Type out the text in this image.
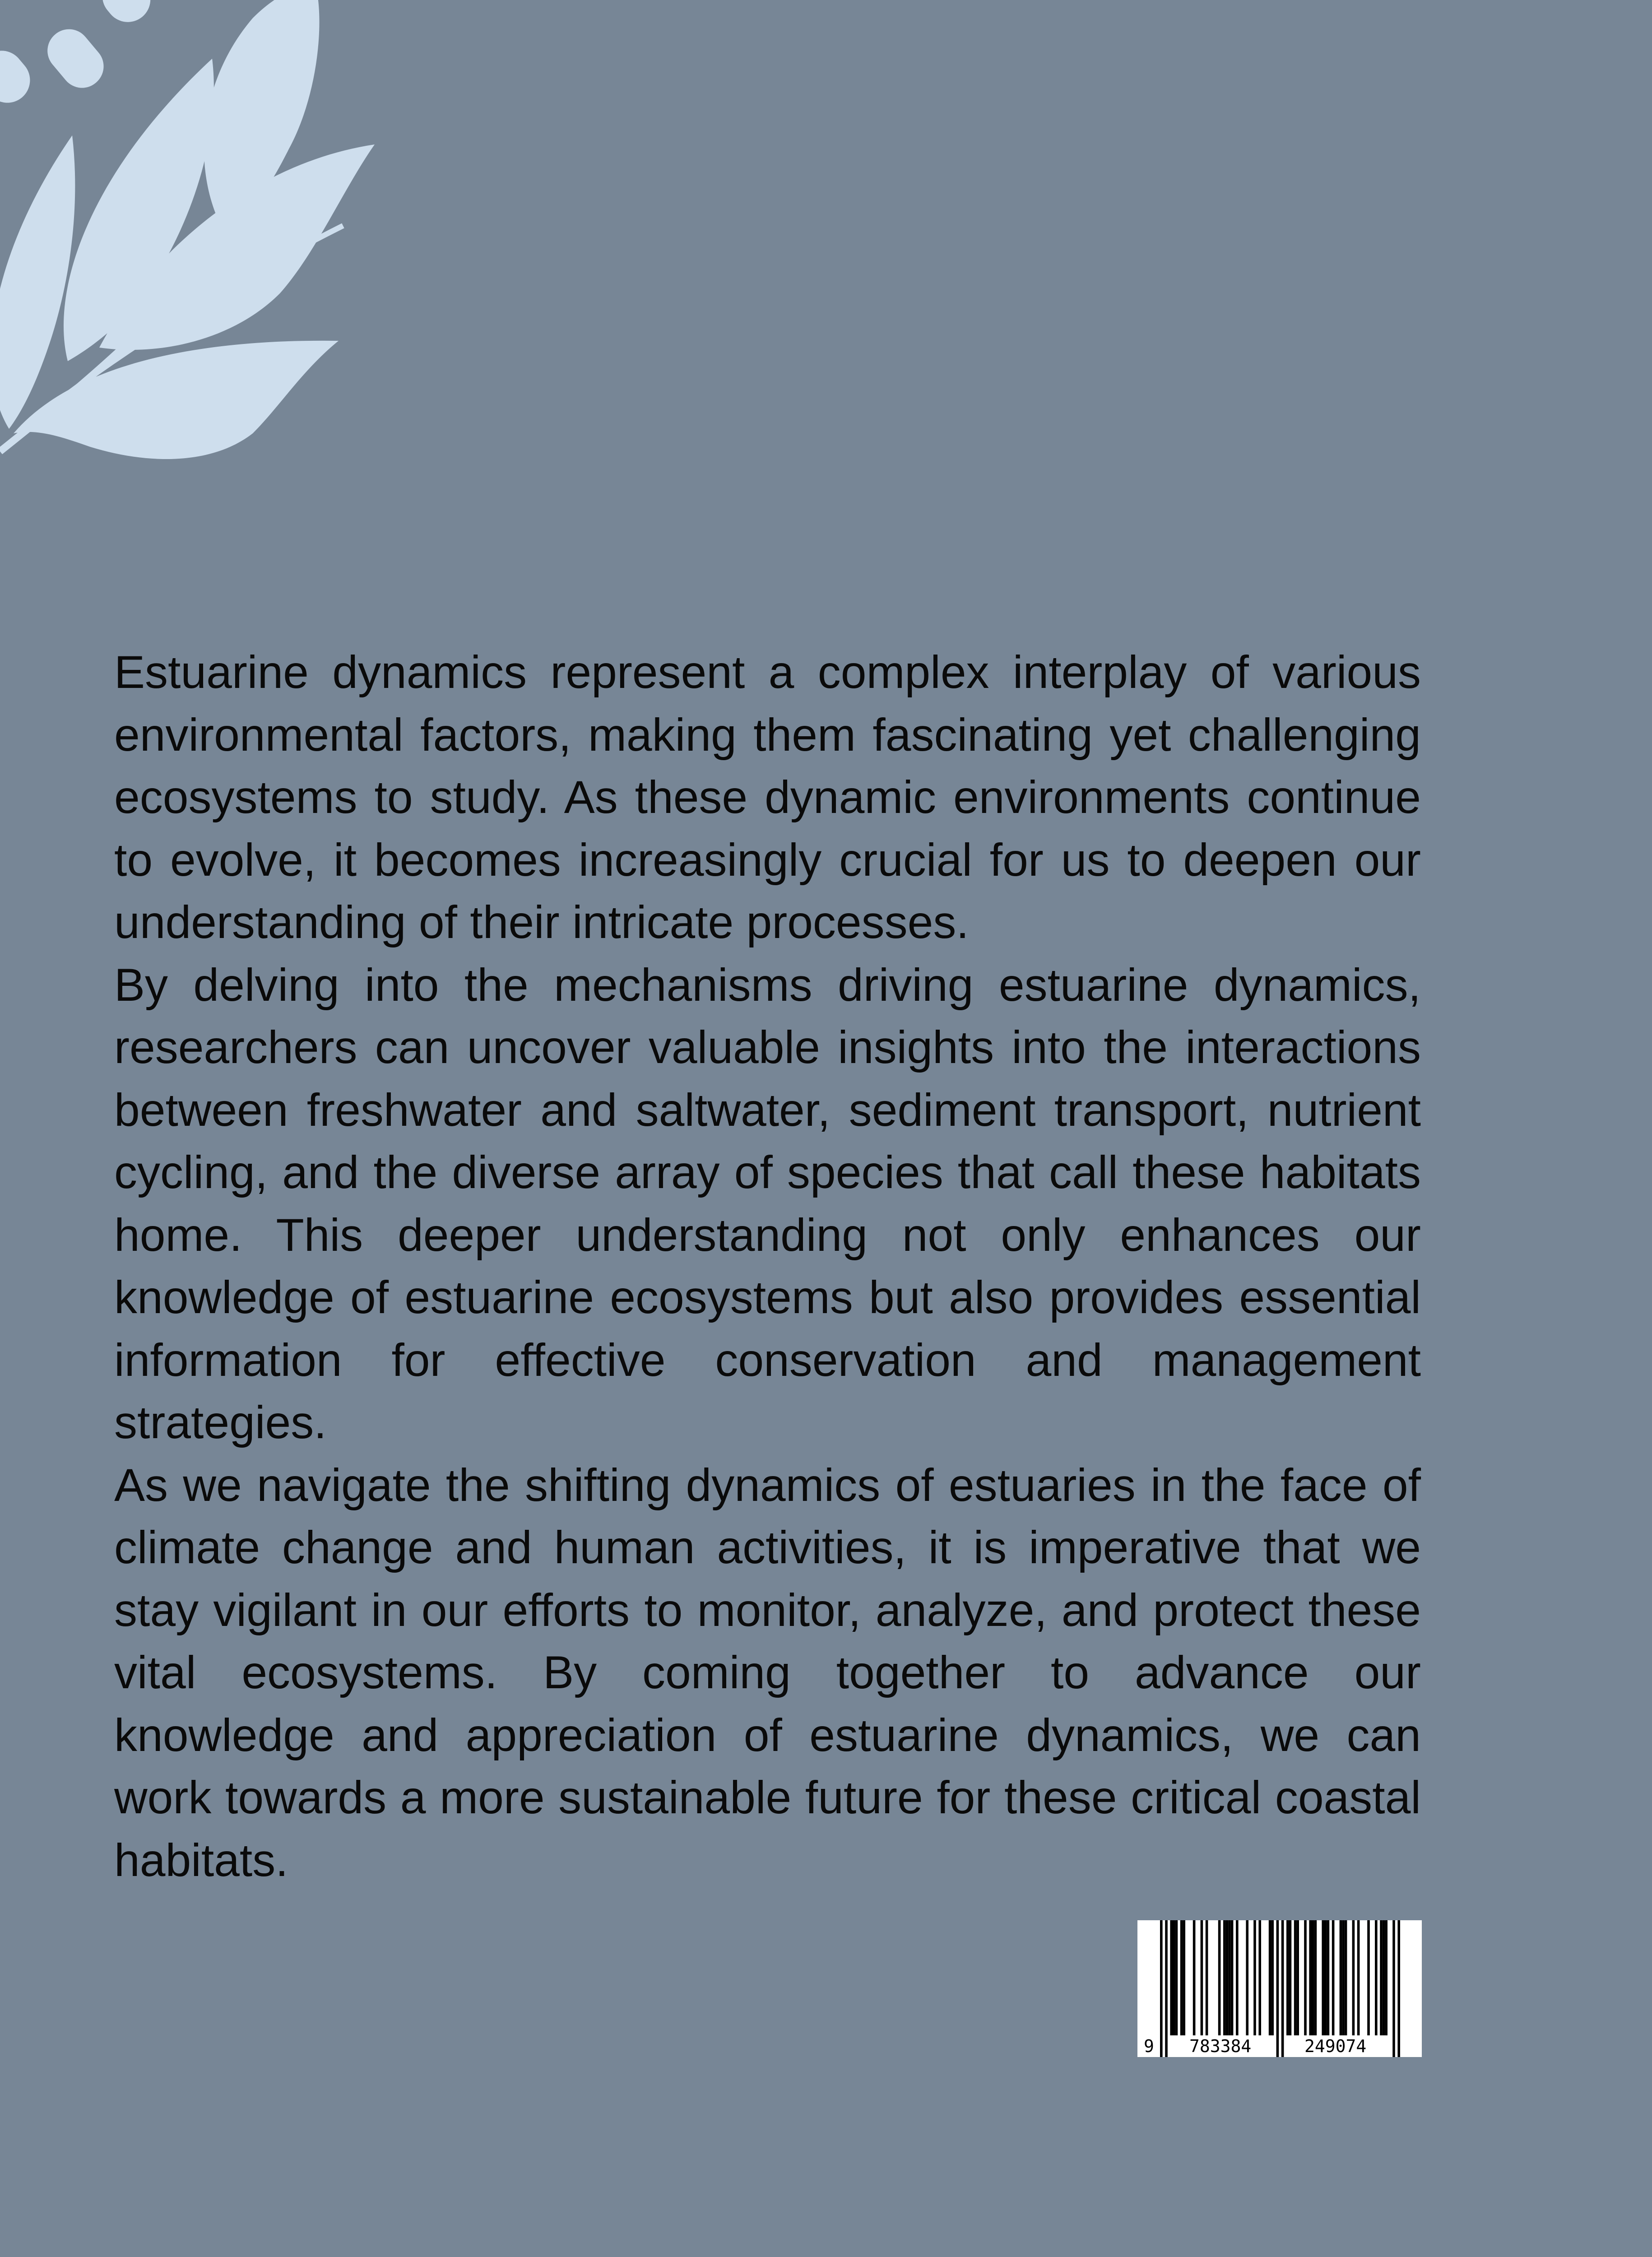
Estuarine dynamics represent a complex interplay of various environmental factors, making them fascinating yet challenging ecosystems to study. As these dynamic environments continue to evolve, it becomes increasingly crucial for us to deepen our understanding of their intricate processes.

By delving into the mechanisms driving estuarine dynamics, researchers can uncover valuable insights into the interactions between freshwater and saltwater, sediment transport, nutrient cycling, and the diverse array of species that call these habitats home. This deeper understanding not only enhances our knowledge of estuarine ecosystems but also provides essential information for effective conservation and management strategies.

As we navigate the shifting dynamics of estuaries in the face of climate change and human activities, it is imperative that we stay vigilant in our efforts to monitor, analyze, and protect these vital ecosystems. By coming together to advance our knowledge and appreciation of estuarine dynamics, we can work towards a more sustainable future for these critical coastal habitats.

9 783384	249074
